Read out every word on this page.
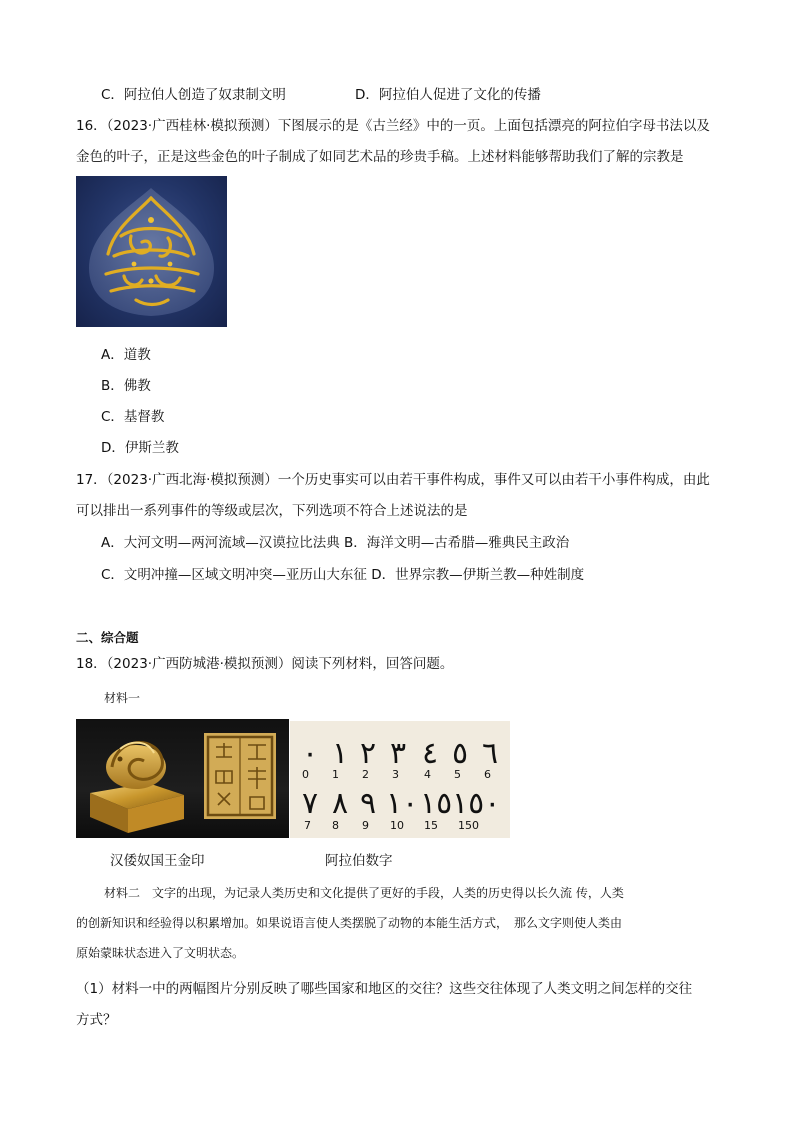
C．阿拉伯人创造了奴隶制文明	D．阿拉伯人促进了文化的传播
16．（2023·广西桂林·模拟预测）下图展示的是《古兰经》中的一页。上面包括漂亮的阿拉伯字母书法以及
金色的叶子，正是这些金色的叶子制成了如同艺术品的珍贵手稿。上述材料能够帮助我们了解的宗教是
A．道教
B．佛教
C．基督教
D．伊斯兰教
17．（2023·广西北海·模拟预测）一个历史事实可以由若干事件构成，事件又可以由若干小事件构成，由此
可以排出一系列事件的等级或层次，下列选项不符合上述说法的是
A．大河文明—两河流域—汉谟拉比法典 B．海洋文明—古希腊—雅典民主政治
C．文明冲撞—区域文明冲突—亚历山大东征 D．世界宗教—伊斯兰教—种姓制度
二、综合题
18．（2023·广西防城港·模拟预测）阅读下列材料，回答问题。
材料一
٠ ١ ٢ ٣ ٤ ٥ ٦
0 1 2 3 4 5 6
٧ ٨ ٩ ١٠ ١٥ ١٥٠
7 8 9 10 15 150
汉倭奴国王金印	阿拉伯数字
材料二　文字的出现，为记录人类历史和文化提供了更好的手段，人类的历史得以长久流 传，人类
的创新知识和经验得以积累增加。如果说语言使人类摆脱了动物的本能生活方式，　那么文字则使人类由
原始蒙昧状态进入了文明状态。
（1）材料一中的两幅图片分别反映了哪些国家和地区的交往？这些交往体现了人类文明之间怎样的交往
方式？
